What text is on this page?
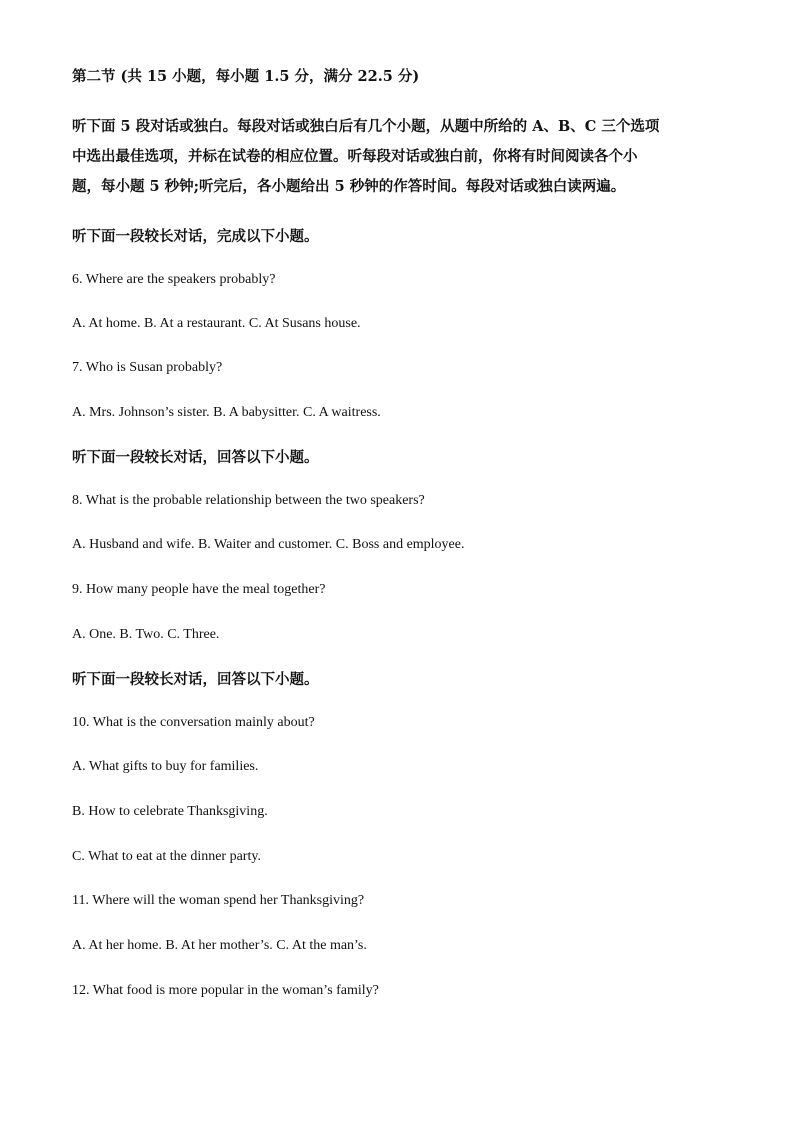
第二节 (共 15 小题，每小题 1.5 分，满分 22.5 分)

听下面 5 段对话或独白。每段对话或独白后有几个小题，从题中所给的 A、B、C 三个选项

中选出最佳选项，并标在试卷的相应位置。听每段对话或独白前，你将有时间阅读各个小

题，每小题 5 秒钟;听完后，各小题给出 5 秒钟的作答时间。每段对话或独白读两遍。

听下面一段较长对话，完成以下小题。

6. Where are the speakers probably?

A. At home. B. At a restaurant. C. At Susans house.

7. Who is Susan probably?

A. Mrs. Johnson’s sister. B. A babysitter. C. A waitress.

听下面一段较长对话，回答以下小题。

8. What is the probable relationship between the two speakers?

A. Husband and wife. B. Waiter and customer. C. Boss and employee.

9. How many people have the meal together?

A. One. B. Two. C. Three.

听下面一段较长对话，回答以下小题。

10. What is the conversation mainly about?

A. What gifts to buy for families.

B. How to celebrate Thanksgiving.

C. What to eat at the dinner party.

11. Where will the woman spend her Thanksgiving?

A. At her home. B. At her mother’s. C. At the man’s.

12. What food is more popular in the woman’s family?
